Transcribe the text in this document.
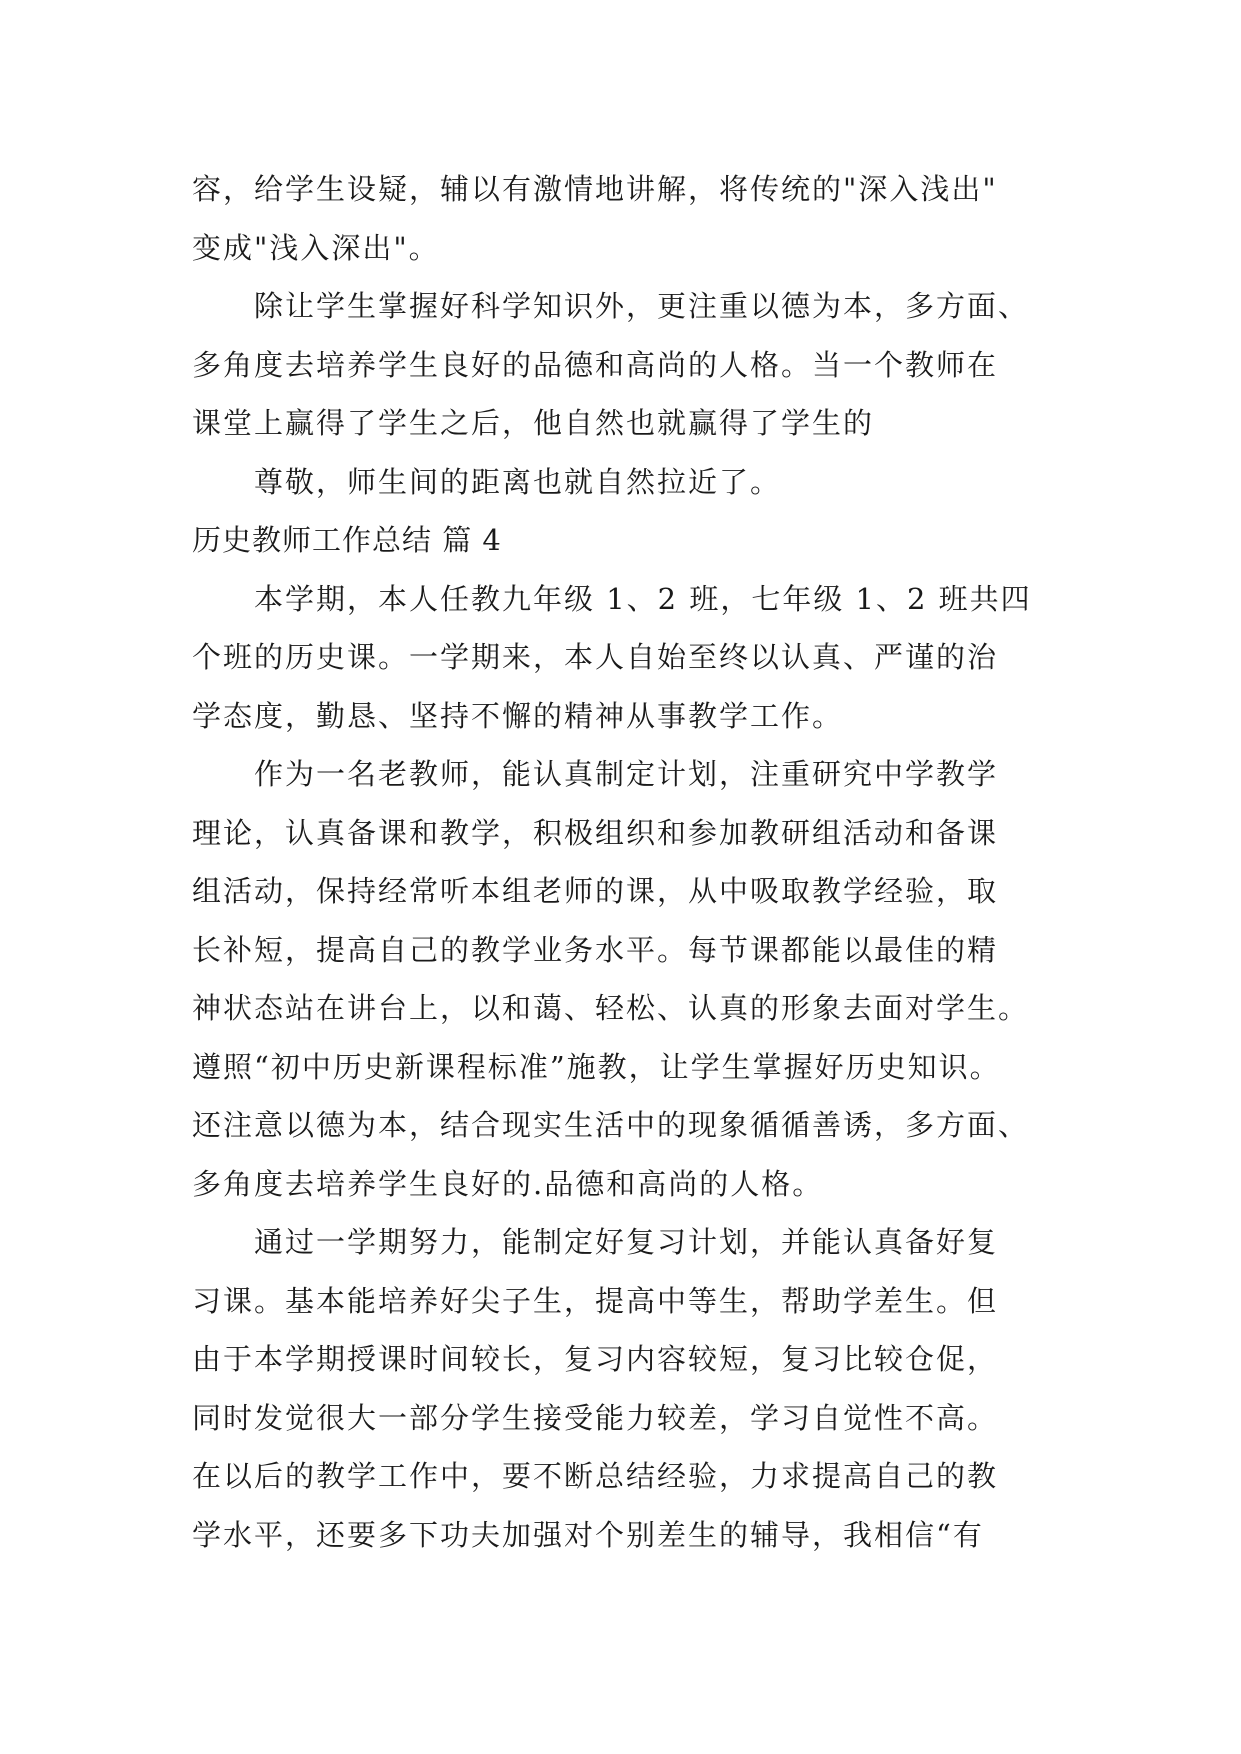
容，给学生设疑，辅以有激情地讲解，将传统的"深入浅出"
变成"浅入深出"。
除让学生掌握好科学知识外，更注重以德为本，多方面、
多角度去培养学生良好的品德和高尚的人格。当一个教师在
课堂上赢得了学生之后，他自然也就赢得了学生的
尊敬，师生间的距离也就自然拉近了。
历史教师工作总结 篇 4
本学期，本人任教九年级 1、2 班，七年级 1、2 班共四
个班的历史课。一学期来，本人自始至终以认真、严谨的治
学态度，勤恳、坚持不懈的精神从事教学工作。
作为一名老教师，能认真制定计划，注重研究中学教学
理论，认真备课和教学，积极组织和参加教研组活动和备课
组活动，保持经常听本组老师的课，从中吸取教学经验，取
长补短，提高自己的教学业务水平。每节课都能以最佳的精
神状态站在讲台上，以和蔼、轻松、认真的形象去面对学生。
遵照“初中历史新课程标准”施教，让学生掌握好历史知识。
还注意以德为本，结合现实生活中的现象循循善诱，多方面、
多角度去培养学生良好的.品德和高尚的人格。
通过一学期努力，能制定好复习计划，并能认真备好复
习课。基本能培养好尖子生，提高中等生，帮助学差生。但
由于本学期授课时间较长，复习内容较短，复习比较仓促，
同时发觉很大一部分学生接受能力较差，学习自觉性不高。
在以后的教学工作中，要不断总结经验，力求提高自己的教
学水平，还要多下功夫加强对个别差生的辅导，我相信“有
